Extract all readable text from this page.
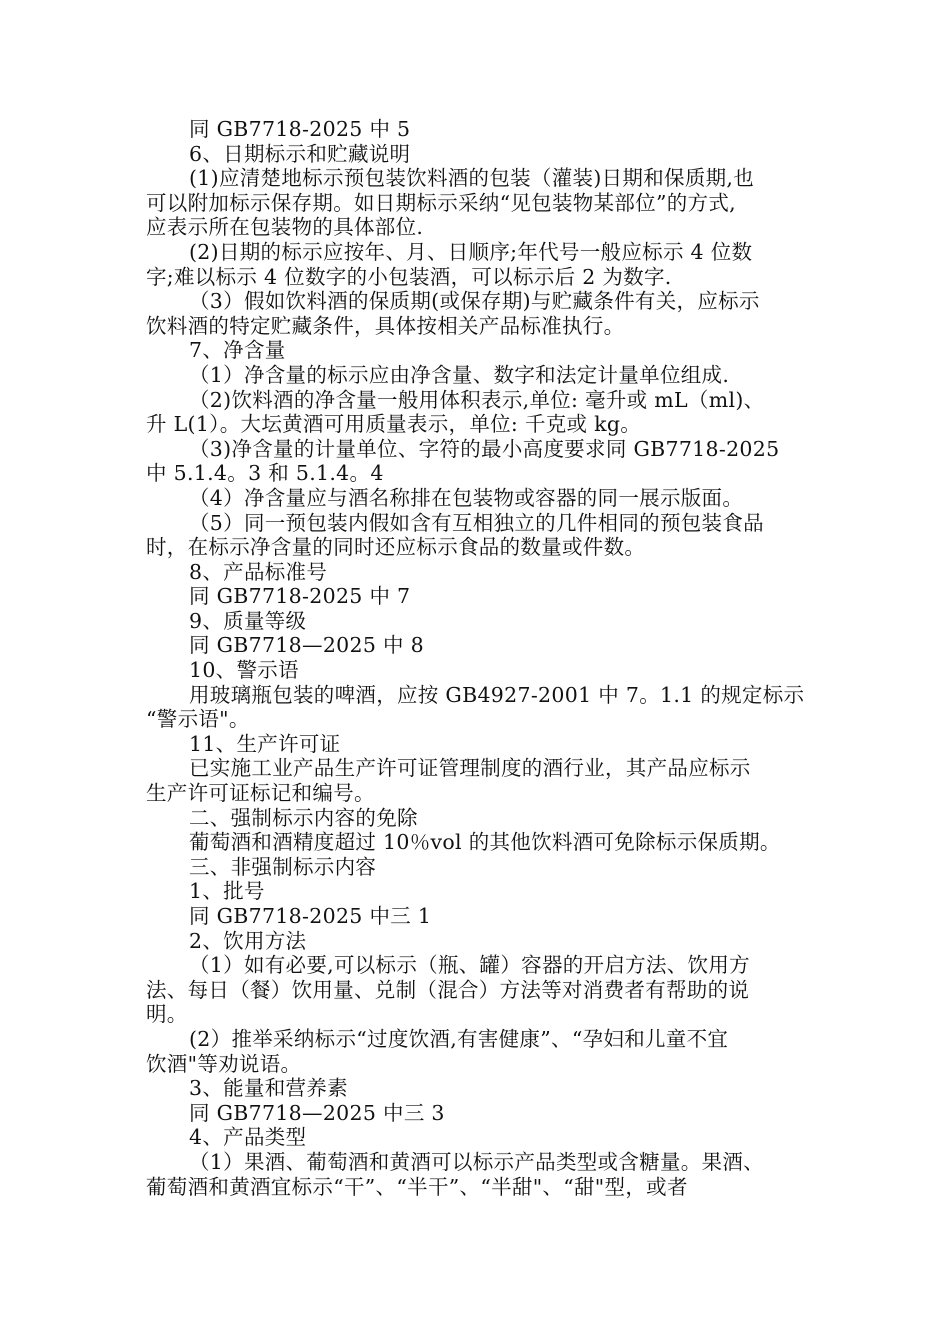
同 GB7718-2025 中 5
6、日期标示和贮藏说明
(1)应清楚地标示预包装饮料酒的包装（灌装)日期和保质期,也
可以附加标示保存期。如日期标示采纳“见包装物某部位”的方式,
应表示所在包装物的具体部位.
(2)日期的标示应按年、月、日顺序;年代号一般应标示 4 位数
字;难以标示 4 位数字的小包装酒，可以标示后 2 为数字.
（3）假如饮料酒的保质期(或保存期)与贮藏条件有关，应标示
饮料酒的特定贮藏条件，具体按相关产品标准执行。
7、净含量
（1）净含量的标示应由净含量、数字和法定计量单位组成.
（2)饮料酒的净含量一般用体积表示,单位: 毫升或 mL（ml)、
升 L(1）。大坛黄酒可用质量表示，单位: 千克或 kg。
（3)净含量的计量单位、字符的最小高度要求同 GB7718-2025
中 5.1.4。3 和 5.1.4。4
（4）净含量应与酒名称排在包装物或容器的同一展示版面。
（5）同一预包装内假如含有互相独立的几件相同的预包装食品
时，在标示净含量的同时还应标示食品的数量或件数。
8、产品标准号
同 GB7718-2025 中 7
9、质量等级
同 GB7718—2025 中 8
10、警示语
用玻璃瓶包装的啤酒，应按 GB4927-2001 中 7。1.1 的规定标示
“警示语"。
11、生产许可证
已实施工业产品生产许可证管理制度的酒行业，其产品应标示
生产许可证标记和编号。
二、强制标示内容的免除
葡萄酒和酒精度超过 10％vol 的其他饮料酒可免除标示保质期。
三、非强制标示内容
1、批号
同 GB7718-2025 中三 1
2、饮用方法
（1）如有必要,可以标示（瓶、罐）容器的开启方法、饮用方
法、每日（餐）饮用量、兑制（混合）方法等对消费者有帮助的说
明。
(2）推举采纳标示“过度饮酒,有害健康”、“孕妇和儿童不宜
饮酒"等劝说语。
3、能量和营养素
同 GB7718—2025 中三 3
4、产品类型
（1）果酒、葡萄酒和黄酒可以标示产品类型或含糖量。果酒、
葡萄酒和黄酒宜标示“干”、“半干”、“半甜"、“甜"型，或者
